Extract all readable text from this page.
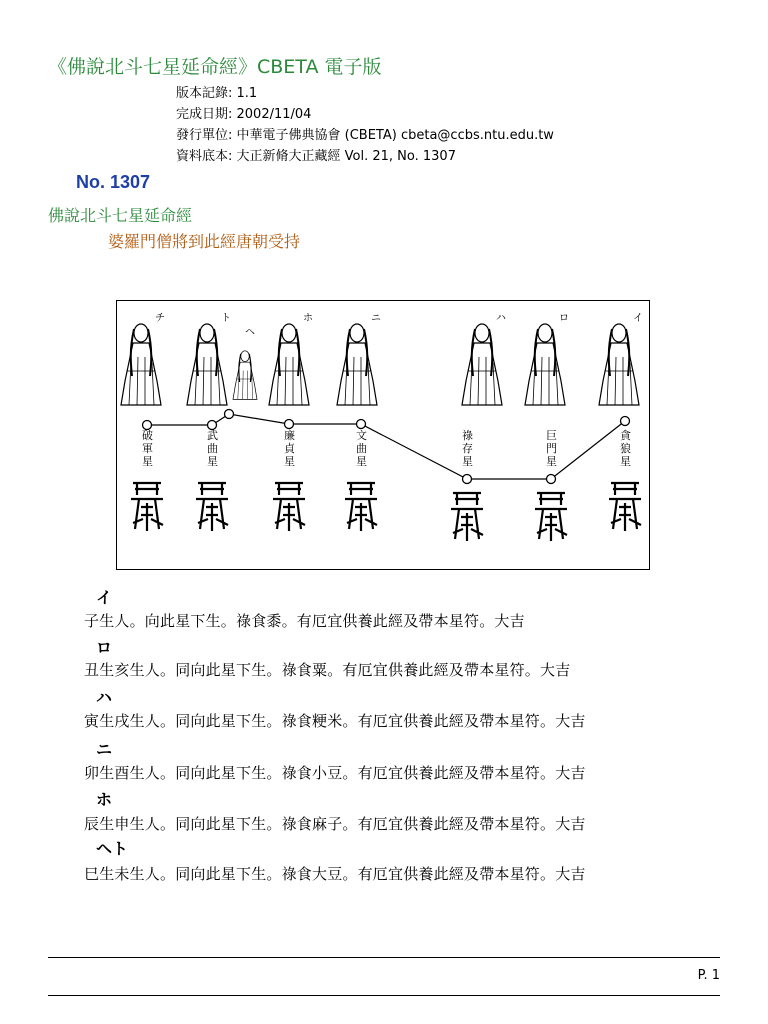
《佛說北斗七星延命經》CBETA 電子版
版本記錄: 1.1
完成日期: 2002/11/04
發行單位: 中華電子佛典協會 (CBETA) cbeta@ccbs.ntu.edu.tw
資料底本: 大正新脩大正藏經 Vol. 21, No. 1307
No. 1307
佛說北斗七星延命經
婆羅門僧將到此經唐朝受持
チ	ト
ヘ
ホ	ニ	ハ	ロ	イ
破
軍
星
武
曲
星
廉
貞
星
文
曲
星
祿
存
星
巨
門
星
貪
狼
星
イ
子生人。向此星下生。祿食黍。有厄宜供養此經及帶本星符。大吉
ロ
丑生亥生人。同向此星下生。祿食粟。有厄宜供養此經及帶本星符。大吉
ハ
寅生戌生人。同向此星下生。祿食粳米。有厄宜供養此經及帶本星符。大吉
ニ
卯生酉生人。同向此星下生。祿食小豆。有厄宜供養此經及帶本星符。大吉
ホ
辰生申生人。同向此星下生。祿食麻子。有厄宜供養此經及帶本星符。大吉
ヘト
巳生未生人。同向此星下生。祿食大豆。有厄宜供養此經及帶本星符。大吉
P. 1
